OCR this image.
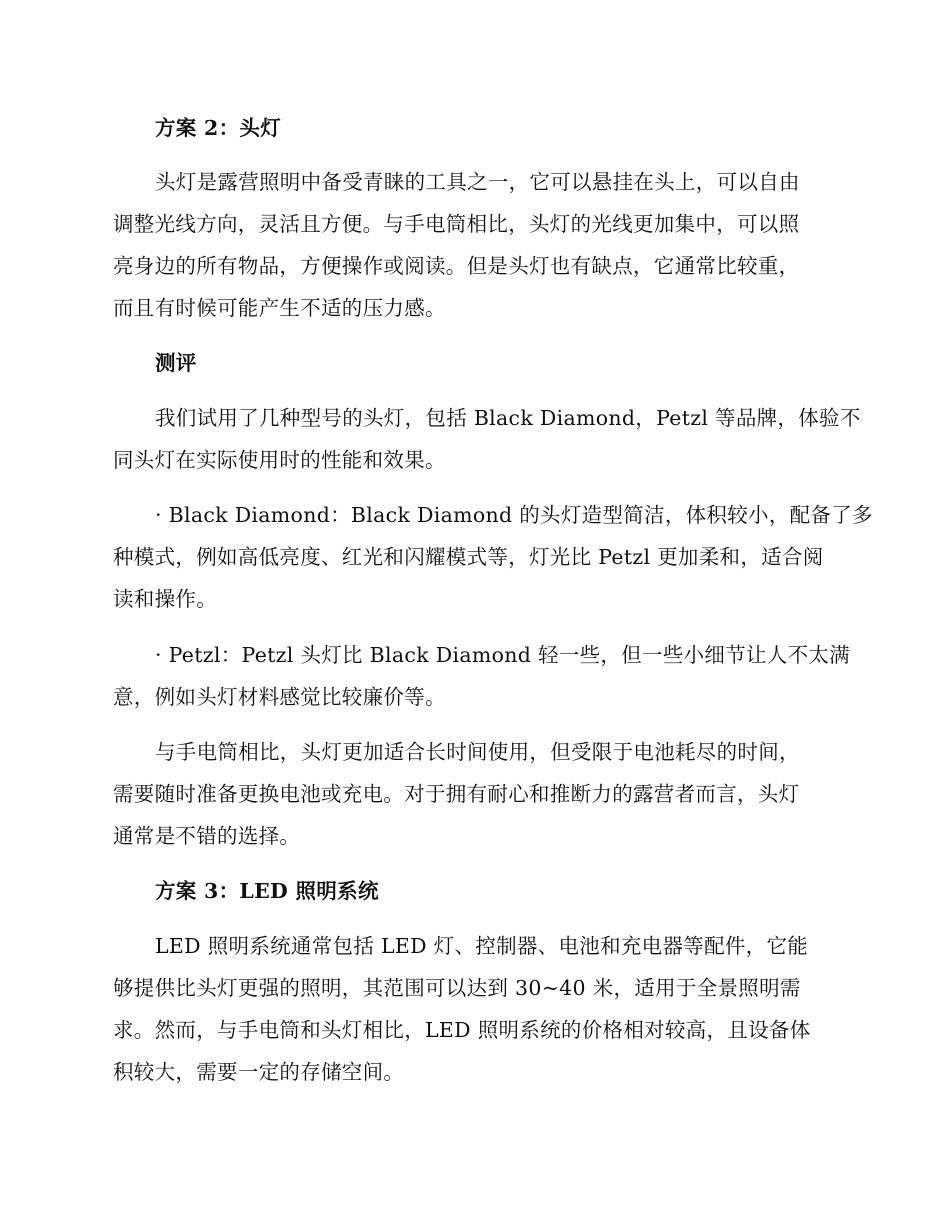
方案 2：头灯
头灯是露营照明中备受青睐的工具之一，它可以悬挂在头上，可以自由
调整光线方向，灵活且方便。与手电筒相比，头灯的光线更加集中，可以照
亮身边的所有物品，方便操作或阅读。但是头灯也有缺点，它通常比较重，
而且有时候可能产生不适的压力感。
测评
我们试用了几种型号的头灯，包括 Black Diamond，Petzl 等品牌，体验不
同头灯在实际使用时的性能和效果。
· Black Diamond：Black Diamond 的头灯造型简洁，体积较小，配备了多
种模式，例如高低亮度、红光和闪耀模式等，灯光比 Petzl 更加柔和，适合阅
读和操作。
· Petzl：Petzl 头灯比 Black Diamond 轻一些，但一些小细节让人不太满
意，例如头灯材料感觉比较廉价等。
与手电筒相比，头灯更加适合长时间使用，但受限于电池耗尽的时间，
需要随时准备更换电池或充电。对于拥有耐心和推断力的露营者而言，头灯
通常是不错的选择。
方案 3：LED 照明系统
LED 照明系统通常包括 LED 灯、控制器、电池和充电器等配件，它能
够提供比头灯更强的照明，其范围可以达到 30~40 米，适用于全景照明需
求。然而，与手电筒和头灯相比，LED 照明系统的价格相对较高，且设备体
积较大，需要一定的存储空间。
